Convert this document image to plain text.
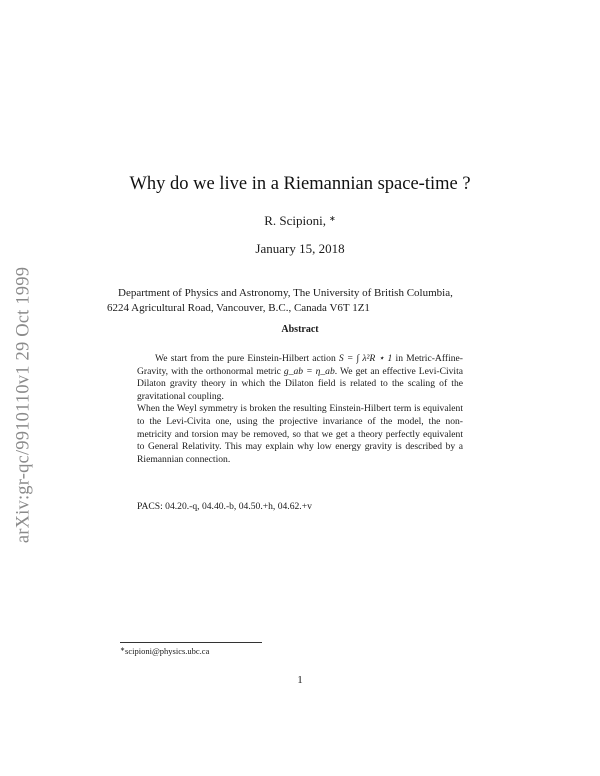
arXiv:gr-qc/9910110v1 29 Oct 1999
Why do we live in a Riemannian space-time ?
R. Scipioni, ∗
January 15, 2018
Department of Physics and Astronomy, The University of British Columbia,
6224 Agricultural Road, Vancouver, B.C., Canada V6T 1Z1
Abstract

We start from the pure Einstein-Hilbert action S = ∫ λ²R ⋆ 1 in Metric-Affine-Gravity, with the orthonormal metric g_ab = η_ab. We get an effective Levi-Civita Dilaton gravity theory in which the Dilaton field is related to the scaling of the gravitational coupling.

When the Weyl symmetry is broken the resulting Einstein-Hilbert term is equivalent to the Levi-Civita one, using the projective invariance of the model, the non-metricity and torsion may be removed, so that we get a theory perfectly equivalent to General Relativity. This may explain why low energy gravity is described by a Riemannian connection.

PACS: 04.20.-q, 04.40.-b, 04.50.+h, 04.62.+v
∗scipioni@physics.ubc.ca
1
